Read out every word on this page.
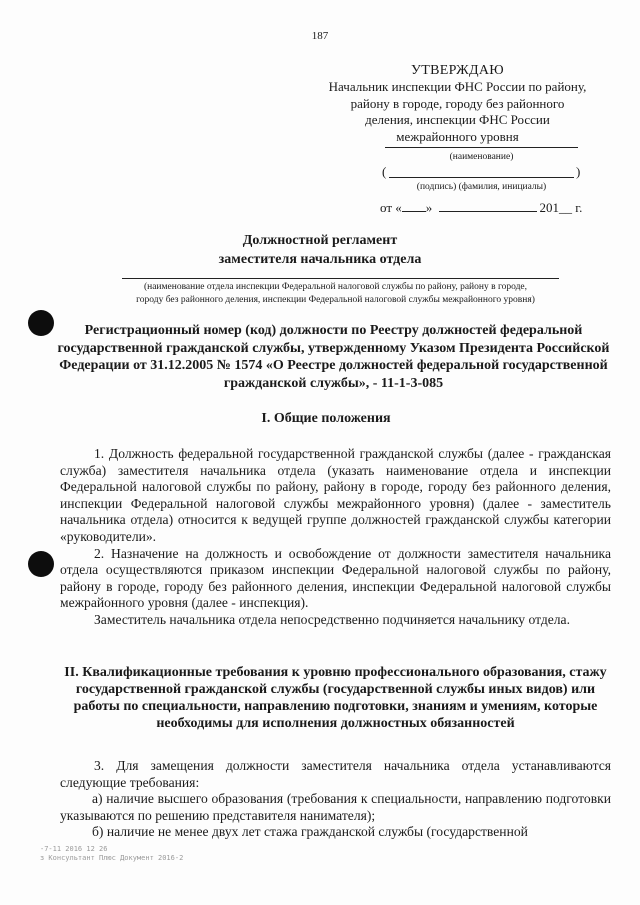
187
УТВЕРЖДАЮ
Начальник инспекции ФНС России по району,
району в городе, городу без районного
деления, инспекции ФНС России
межрайонного уровня
(наименование)
(	)
(подпись) (фамилия, инициалы)
от « »	201__ г.
Должностной регламент
заместителя начальника отдела
(наименование отдела инспекции Федеральной налоговой службы по району, району в городе,
городу без районного деления, инспекции Федеральной налоговой службы межрайонного уровня)
Регистрационный номер (код) должности по Реестру должностей федеральной государственной гражданской службы, утвержденному Указом Президента Российской Федерации от 31.12.2005 № 1574 «О Реестре должностей федеральной государственной гражданской службы», - 11-1-3-085
I. Общие положения

1. Должность федеральной государственной гражданской службы (далее - гражданская служба) заместителя начальника отдела (указать наименование отдела и инспекции Федеральной налоговой службы по району, району в городе, городу без районного деления, инспекции Федеральной налоговой службы межрайонного уровня) (далее - заместитель начальника отдела) относится к ведущей группе должностей гражданской службы категории «руководители».

2. Назначение на должность и освобождение от должности заместителя начальника отдела осуществляются приказом инспекции Федеральной налоговой службы по району, району в городе, городу без районного деления, инспекции Федеральной налоговой службы межрайонного уровня (далее - инспекция).

Заместитель начальника отдела непосредственно подчиняется начальнику отдела.

II. Квалификационные требования к уровню профессионального образования, стажу государственной гражданской службы (государственной службы иных видов) или работы по специальности, направлению подготовки, знаниям и умениям, которые необходимы для исполнения должностных обязанностей

3. Для замещения должности заместителя начальника отдела устанавливаются следующие требования:

а) наличие высшего образования (требования к специальности, направлению подготовки указываются по решению представителя нанимателя);

б) наличие не менее двух лет стажа гражданской службы (государственной

-7-11 2016 12 26
з Консультант Плюс Документ 2016-2
